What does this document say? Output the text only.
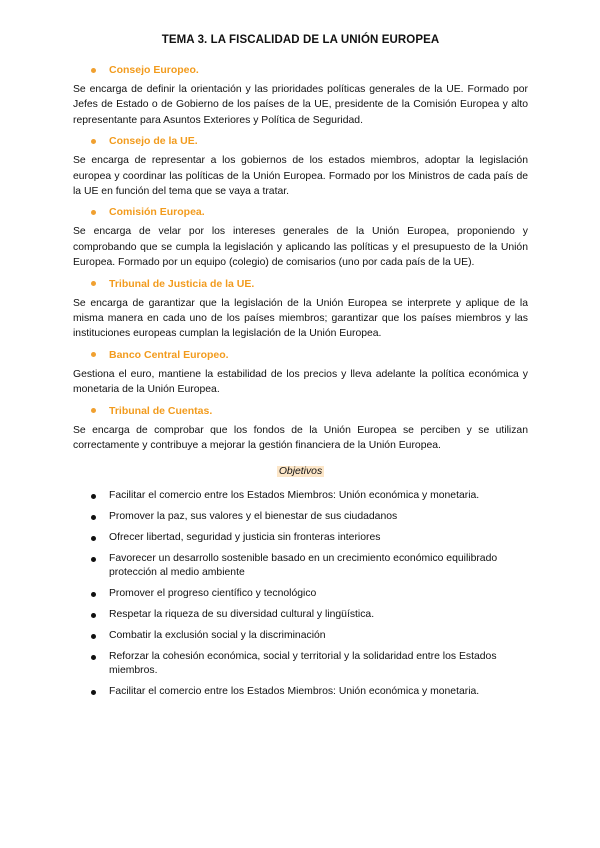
TEMA 3. LA FISCALIDAD DE LA UNIÓN EUROPEA
Consejo Europeo.

Se encarga de definir la orientación y las prioridades políticas generales de la UE. Formado por Jefes de Estado o de Gobierno de los países de la UE, presidente de la Comisión Europea y alto representante para Asuntos Exteriores y Política de Seguridad.

Consejo de la UE.

Se encarga de representar a los gobiernos de los estados miembros, adoptar la legislación europea y coordinar las políticas de la Unión Europea. Formado por los Ministros de cada país de la UE en función del tema que se vaya a tratar.

Comisión Europea.

Se encarga de velar por los intereses generales de la Unión Europea, proponiendo y comprobando que se cumpla la legislación y aplicando las políticas y el presupuesto de la Unión Europea. Formado por un equipo (colegio) de comisarios (uno por cada país de la UE).

Tribunal de Justicia de la UE.

Se encarga de garantizar que la legislación de la Unión Europea se interprete y aplique de la misma manera en cada uno de los países miembros; garantizar que los países miembros y las instituciones europeas cumplan la legislación de la Unión Europea.

Banco Central Europeo.

Gestiona el euro, mantiene la estabilidad de los precios y lleva adelante la política económica y monetaria de la Unión Europea.

Tribunal de Cuentas.

Se encarga de comprobar que los fondos de la Unión Europea se perciben y se utilizan correctamente y contribuye a mejorar la gestión financiera de la Unión Europea.

Objetivos
Facilitar el comercio entre los Estados Miembros: Unión económica y monetaria.
Promover la paz, sus valores y el bienestar de sus ciudadanos
Ofrecer libertad, seguridad y justicia sin fronteras interiores
Favorecer un desarrollo sostenible basado en un crecimiento económico equilibrado protección al medio ambiente
Promover el progreso científico y tecnológico
Respetar la riqueza de su diversidad cultural y lingüística.
Combatir la exclusión social y la discriminación
Reforzar la cohesión económica, social y territorial y la solidaridad entre los Estados miembros.
Facilitar el comercio entre los Estados Miembros: Unión económica y monetaria.
